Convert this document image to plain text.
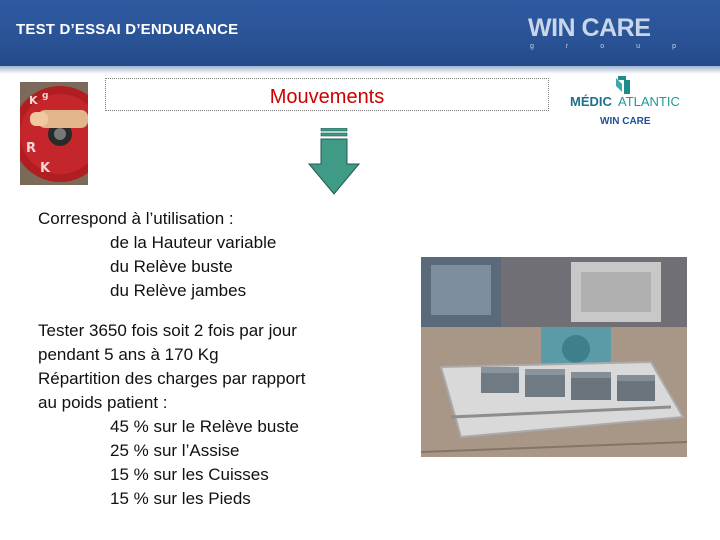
TEST D’ESSAI D’ENDURANCE	WIN CARE
g	r	o	u	p
K g
R
K
Mouvements	MÉDIC ATLANTIC
WIN CARE
Correspond à l’utilisation :
de la Hauteur variable
du Relève buste
du Relève jambes
Tester 3650 fois soit 2 fois par jour
pendant 5 ans à 170 Kg
Répartition des charges par rapport
au poids patient :
45 % sur le Relève buste
25 % sur l’Assise
15 % sur les Cuisses
15 % sur les Pieds
